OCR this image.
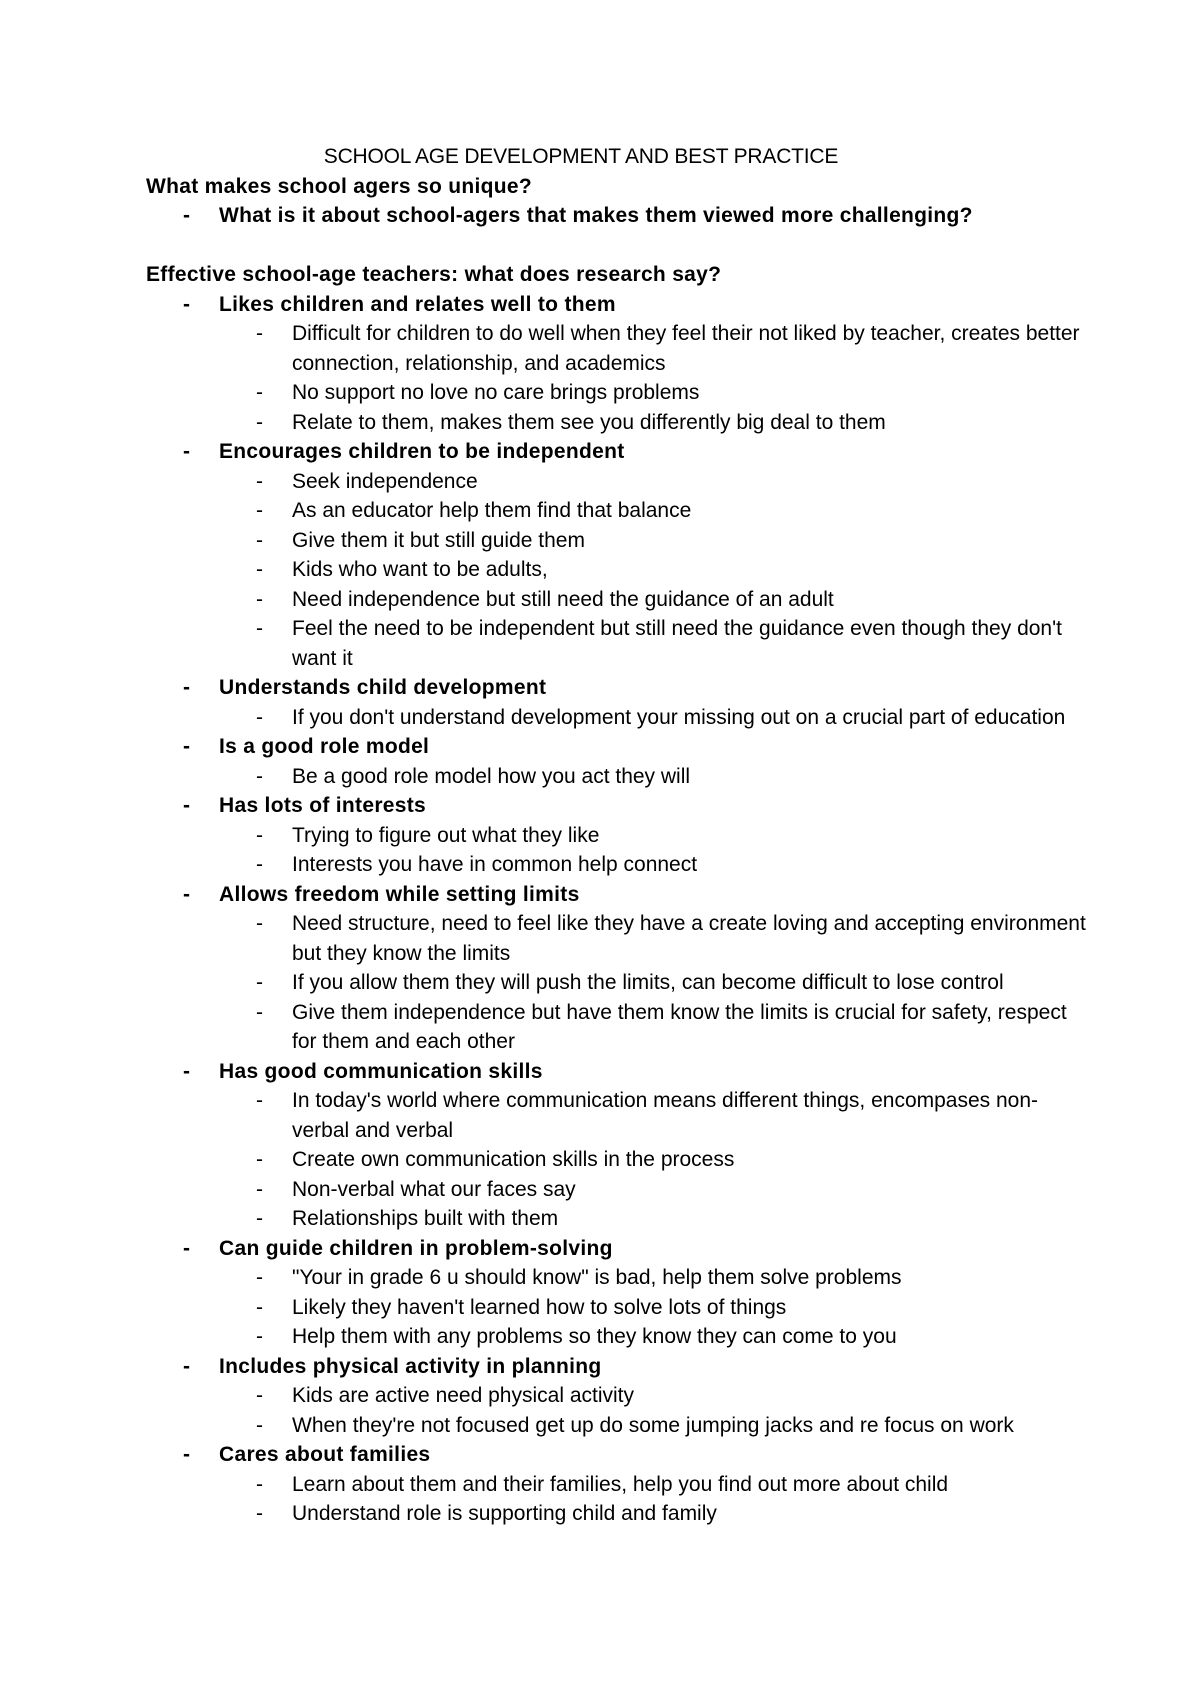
SCHOOL AGE DEVELOPMENT AND BEST PRACTICE
What makes school agers so unique?
- What is it about school-agers that makes them viewed more challenging?
Effective school-age teachers: what does research say?
- Likes children and relates well to them
- Difficult for children to do well when they feel their not liked by teacher, creates better connection, relationship, and academics
- No support no love no care brings problems
- Relate to them, makes them see you differently big deal to them
- Encourages children to be independent
- Seek independence
- As an educator help them find that balance
- Give them it but still guide them
- Kids who want to be adults,
- Need independence but still need the guidance of an adult
- Feel the need to be independent but still need the guidance even though they don't want it
- Understands child development
- If you don't understand development your missing out on a crucial part of education
- Is a good role model
- Be a good role model how you act they will
- Has lots of interests
- Trying to figure out what they like
- Interests you have in common help connect
- Allows freedom while setting limits
- Need structure, need to feel like they have a create loving and accepting environment but they know the limits
- If you allow them they will push the limits, can become difficult to lose control
- Give them independence but have them know the limits is crucial for safety, respect for them and each other
- Has good communication skills
- In today's world where communication means different things, encompases non-verbal and verbal
- Create own communication skills in the process
- Non-verbal what our faces say
- Relationships built with them
- Can guide children in problem-solving
- "Your in grade 6 u should know" is bad, help them solve problems
- Likely they haven't learned how to solve lots of things
- Help them with any problems so they know they can come to you
- Includes physical activity in planning
- Kids are active need physical activity
- When they're not focused get up do some jumping jacks and re focus on work
- Cares about families
- Learn about them and their families, help you find out more about child
- Understand role is supporting child and family
